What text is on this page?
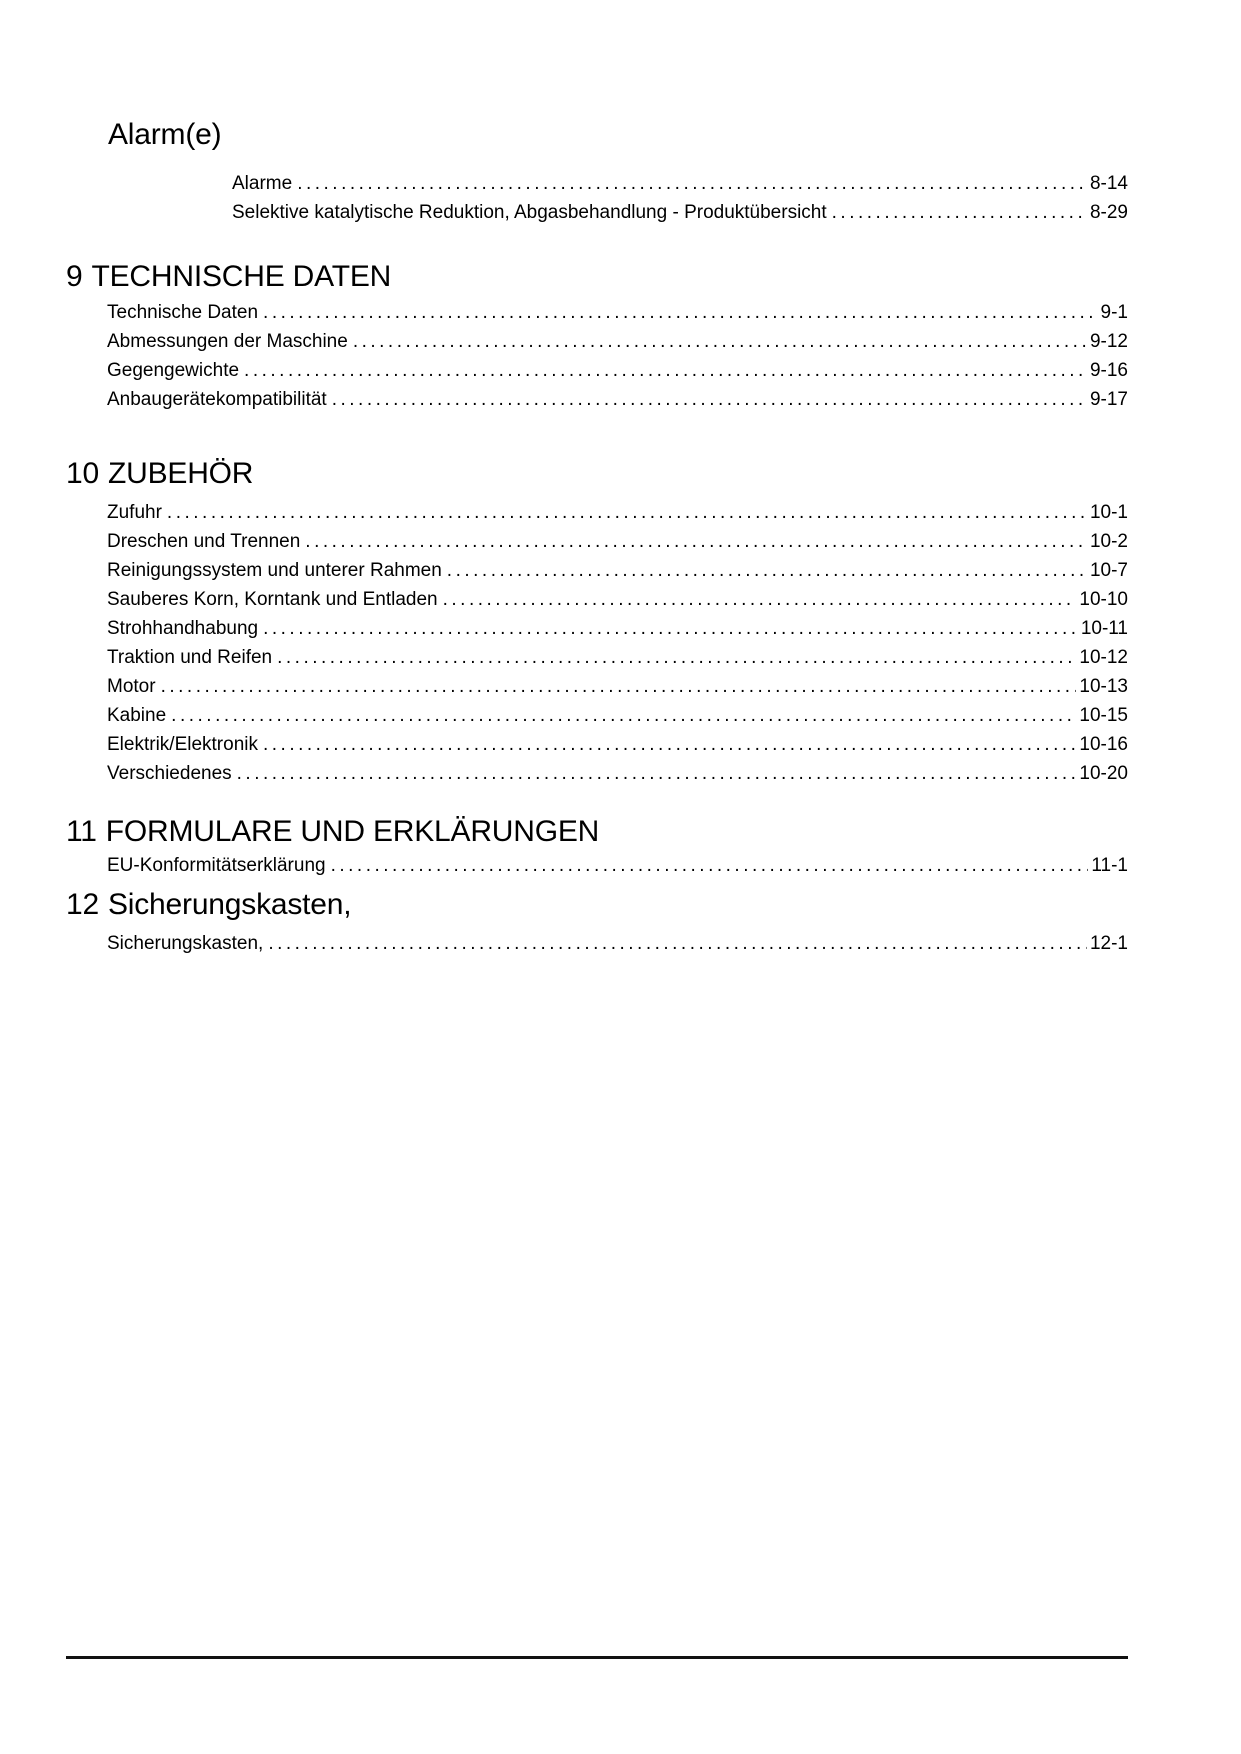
Alarm(e)
Alarme .....	8-14
Selektive katalytische Reduktion, Abgasbehandlung - Produktübersicht .....	8-29
9 TECHNISCHE DATEN
Technische Daten .....	9-1
Abmessungen der Maschine .....	9-12
Gegengewichte .....	9-16
Anbaugerätekompatibilität .....	9-17
10 ZUBEHÖR
Zufuhr .....	10-1
Dreschen und Trennen .....	10-2
Reinigungssystem und unterer Rahmen .....	10-7
Sauberes Korn, Korntank und Entladen .....	10-10
Strohhandhabung .....	10-11
Traktion und Reifen .....	10-12
Motor .....	10-13
Kabine .....	10-15
Elektrik/Elektronik .....	10-16
Verschiedenes .....	10-20
11 FORMULARE UND ERKLÄRUNGEN
EU-Konformitätserklärung .....	11-1
12 Sicherungskasten,
Sicherungskasten, .....	12-1
